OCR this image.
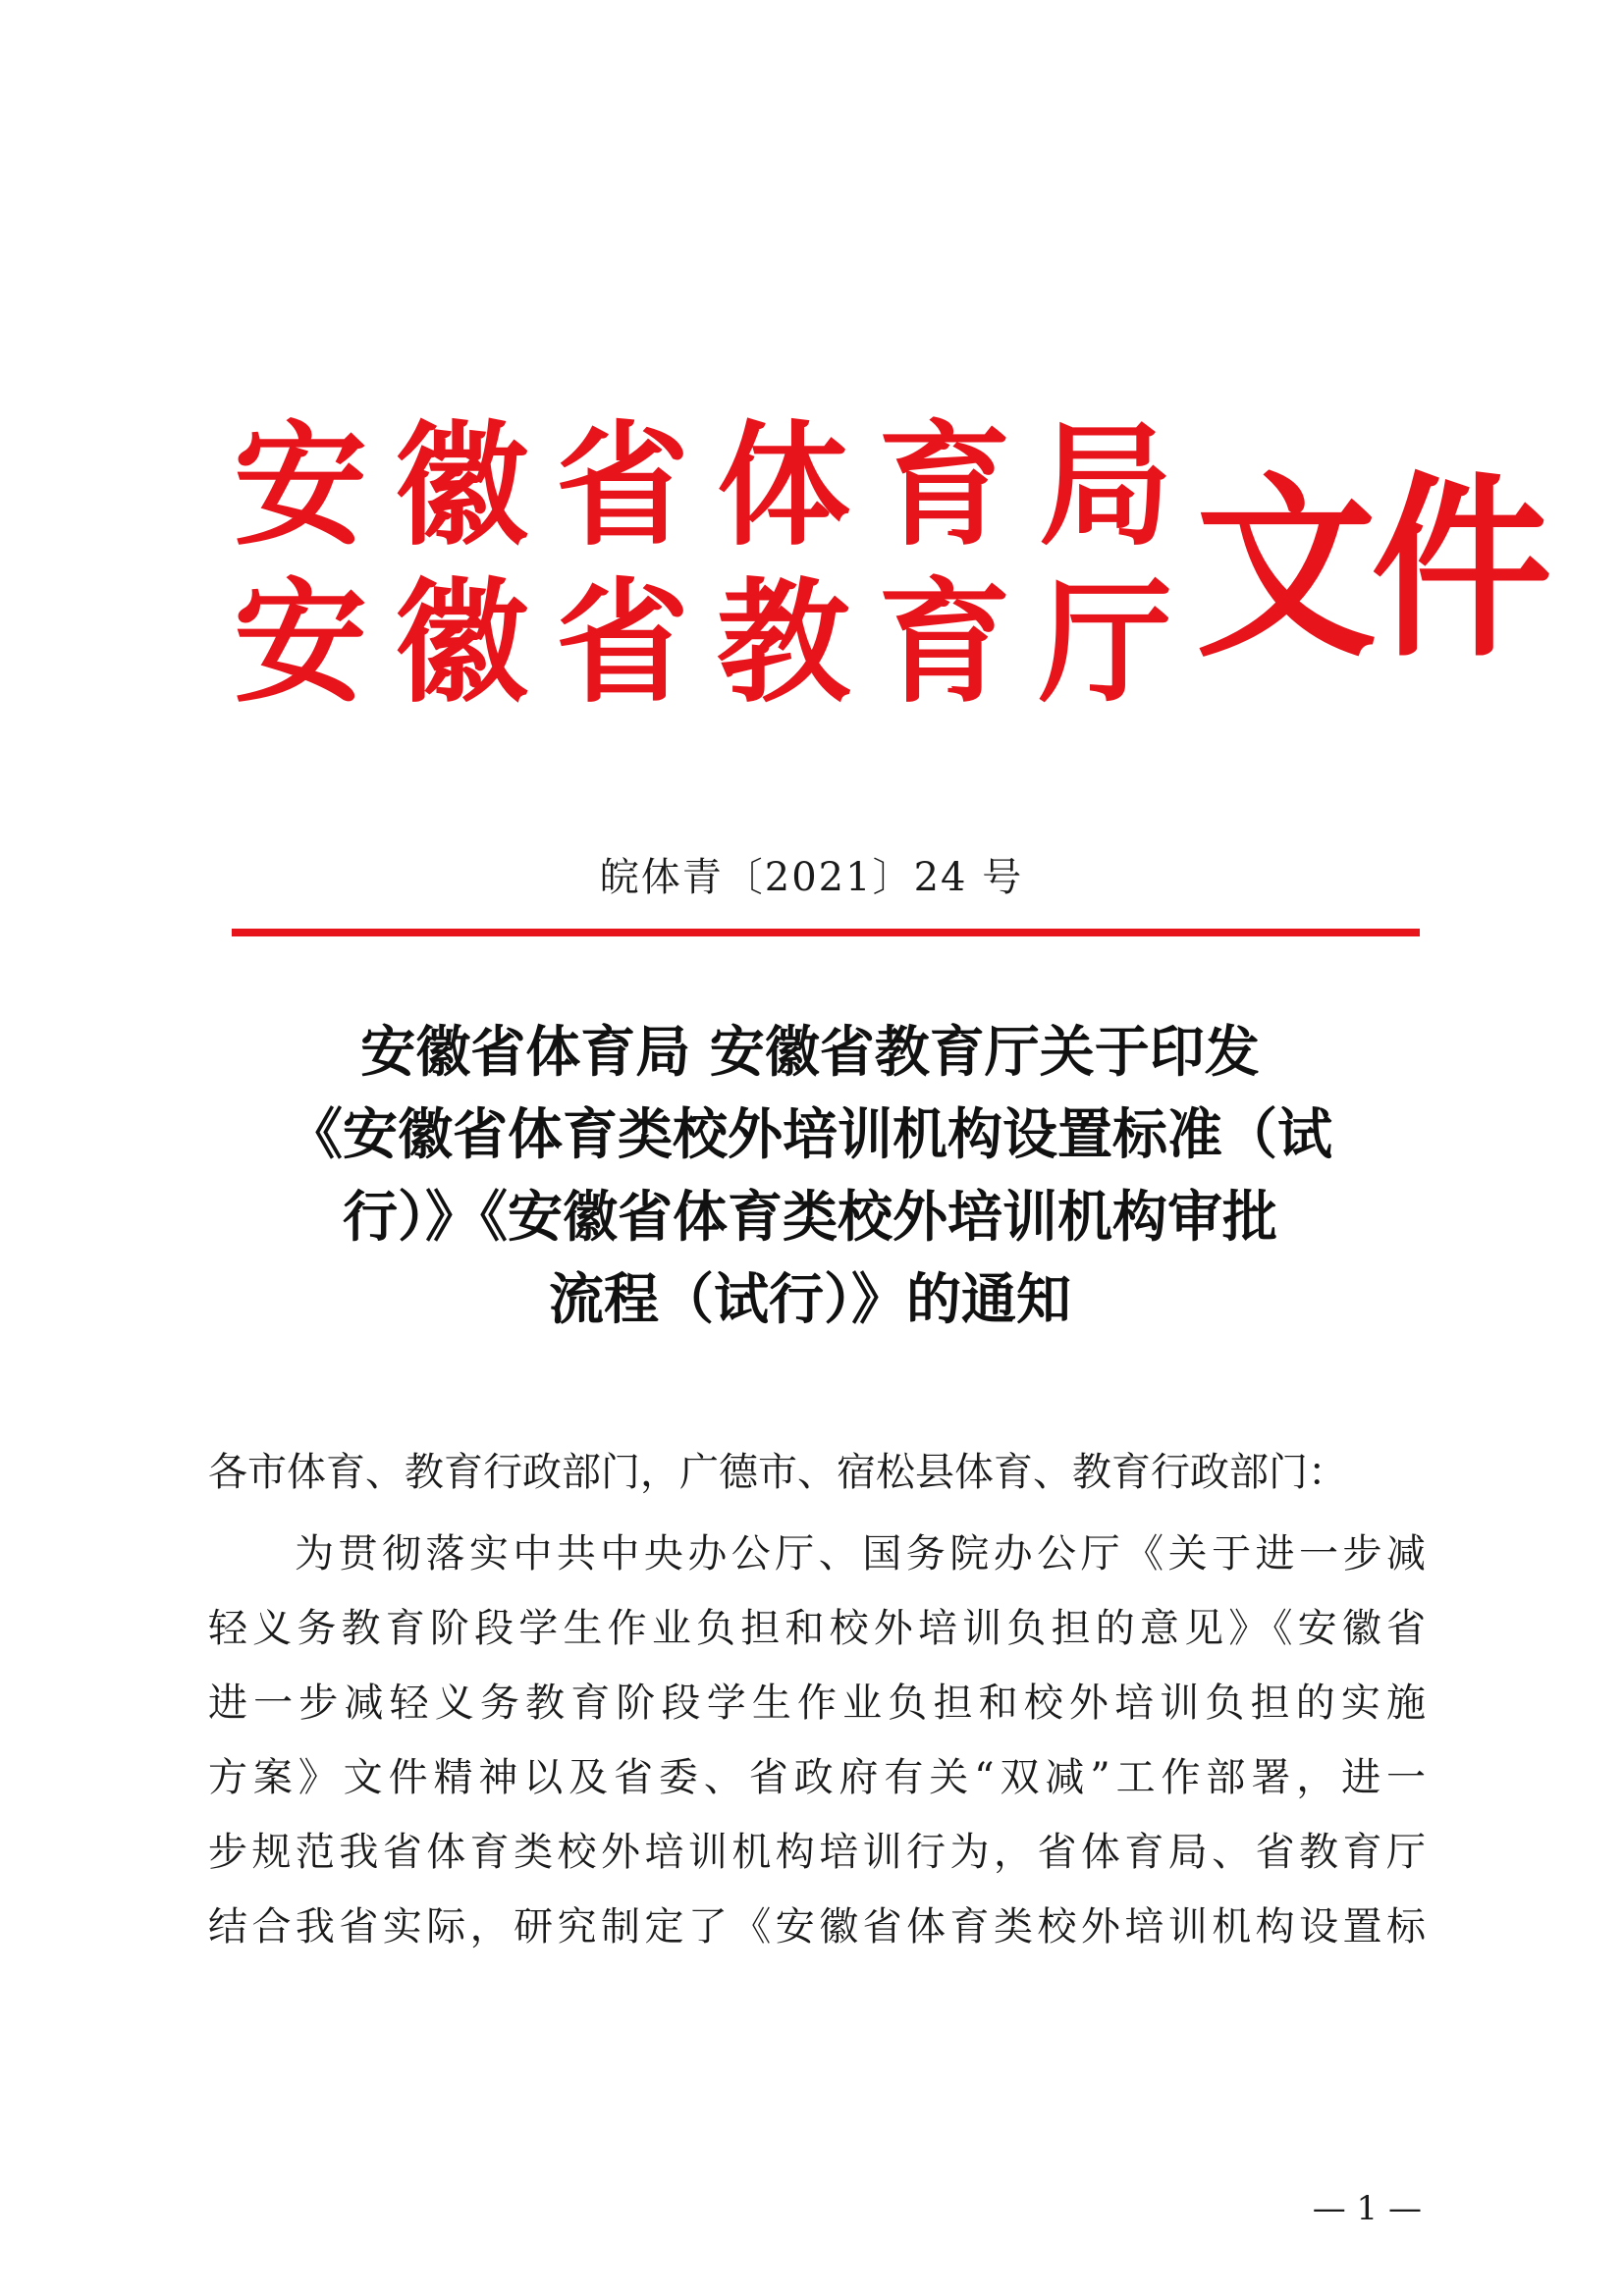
安徽省体育局
安徽省教育厅
文件
皖体青〔2021〕24 号
安徽省体育局 安徽省教育厅关于印发
《安徽省体育类校外培训机构设置标准（试
行）》《安徽省体育类校外培训机构审批
流程（试行）》的通知
各市体育、教育行政部门，广德市、宿松县体育、教育行政部门：
为贯彻落实中共中央办公厅、国务院办公厅《关于进一步减
轻义务教育阶段学生作业负担和校外培训负担的意见》《安徽省
进一步减轻义务教育阶段学生作业负担和校外培训负担的实施
方案》文件精神以及省委、省政府有关“双减”工作部署，进一
步规范我省体育类校外培训机构培训行为，省体育局、省教育厅
结合我省实际，研究制定了《安徽省体育类校外培训机构设置标
— 1 —
